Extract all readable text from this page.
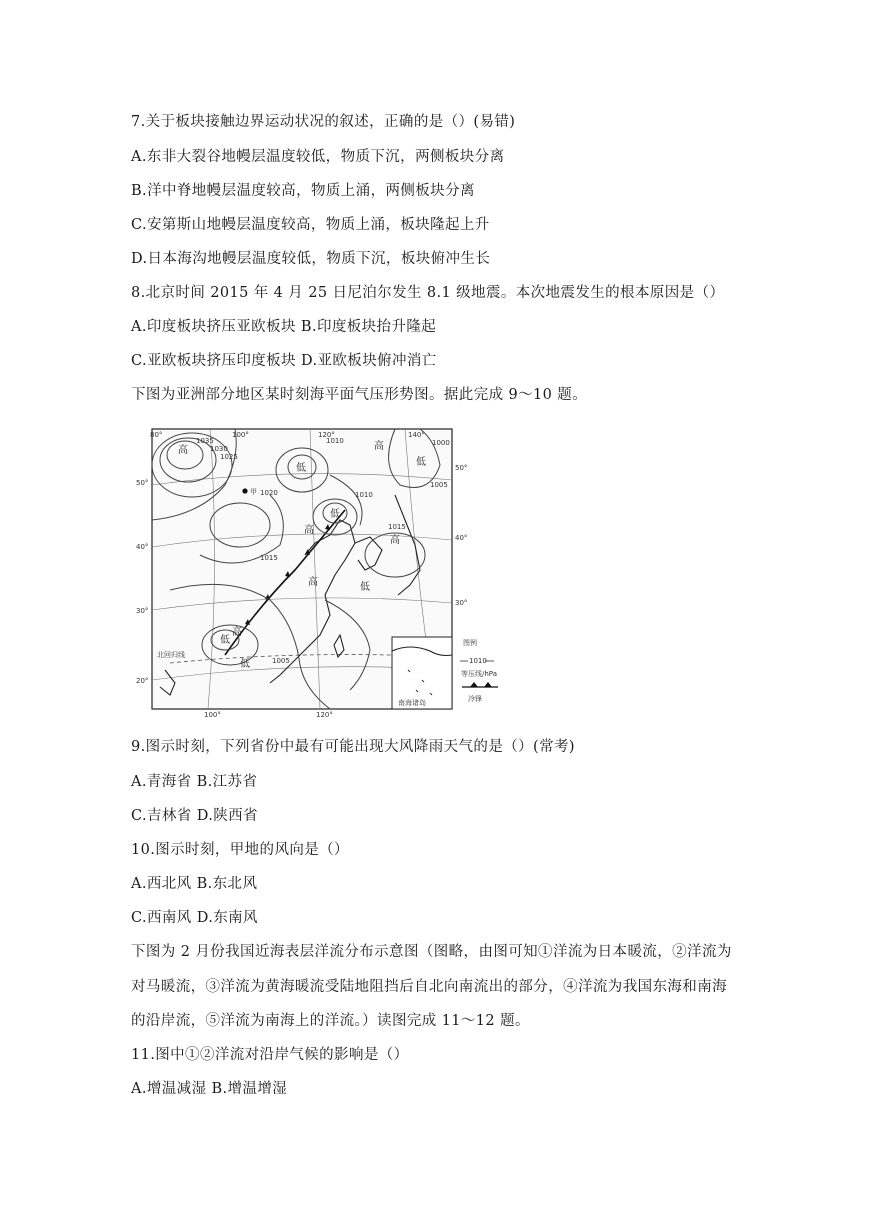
7.关于板块接触边界运动状况的叙述，正确的是（）(易错)
A.东非大裂谷地幔层温度较低，物质下沉，两侧板块分离
B.洋中脊地幔层温度较高，物质上涌，两侧板块分离
C.安第斯山地幔层温度较高，物质上涌，板块隆起上升
D.日本海沟地幔层温度较低，物质下沉，板块俯冲生长
8.北京时间 2015 年 4 月 25 日尼泊尔发生 8.1 级地震。本次地震发生的根本原因是（）
A.印度板块挤压亚欧板块 B.印度板块抬升隆起
C.亚欧板块挤压印度板块 D.亚欧板块俯冲消亡
下图为亚洲部分地区某时刻海平面气压形势图。据此完成 9～10 题。
80°	100°	120°	140°
100°	120°
50°
40°
30°
20°
50°
40°
30°
高
低
低
高
低
高
高
高
低
低
低
高
1035
1030
1025
1020
1015
1010
1005
1000
1015
1010
1005
甲
北回归线
南海诸岛
图例
1010
等压线/hPa
冷锋
9.图示时刻，下列省份中最有可能出现大风降雨天气的是（）(常考)
A.青海省 B.江苏省
C.吉林省 D.陕西省
10.图示时刻，甲地的风向是（）
A.西北风 B.东北风
C.西南风 D.东南风
下图为 2 月份我国近海表层洋流分布示意图（图略，由图可知①洋流为日本暖流，②洋流为
对马暖流，③洋流为黄海暖流受陆地阻挡后自北向南流出的部分，④洋流为我国东海和南海
的沿岸流，⑤洋流为南海上的洋流。）读图完成 11～12 题。
11.图中①②洋流对沿岸气候的影响是（）
A.增温减湿 B.增温增湿
